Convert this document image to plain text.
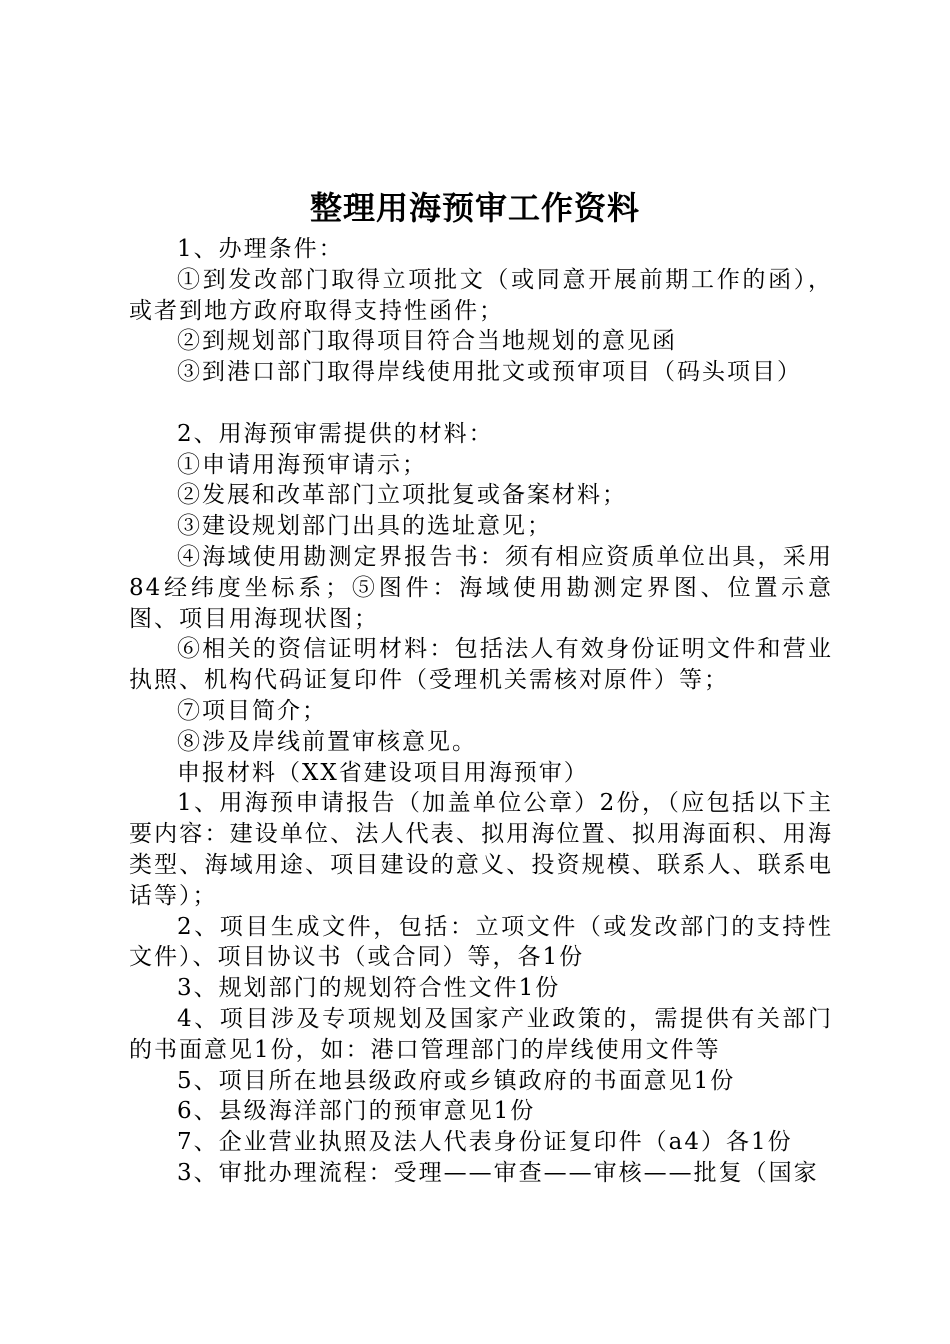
整理用海预审工作资料

1、办理条件：

①到发改部门取得立项批文（或同意开展前期工作的函），或者到地方政府取得支持性函件；

②到规划部门取得项目符合当地规划的意见函

③到港口部门取得岸线使用批文或预审项目（码头项目）

2、用海预审需提供的材料：

①申请用海预审请示；

②发展和改革部门立项批复或备案材料；

③建设规划部门出具的选址意见；

④海域使用勘测定界报告书：须有相应资质单位出具，采用84经纬度坐标系；⑤图件：海域使用勘测定界图、位置示意图、项目用海现状图；

⑥相关的资信证明材料：包括法人有效身份证明文件和营业执照、机构代码证复印件（受理机关需核对原件）等；

⑦项目简介；

⑧涉及岸线前置审核意见。

申报材料（XX省建设项目用海预审）

1、用海预申请报告（加盖单位公章）2份，（应包括以下主要内容：建设单位、法人代表、拟用海位置、拟用海面积、用海类型、海域用途、项目建设的意义、投资规模、联系人、联系电话等）；

2、项目生成文件，包括：立项文件（或发改部门的支持性文件）、项目协议书（或合同）等，各1份

3、规划部门的规划符合性文件1份

4、项目涉及专项规划及国家产业政策的，需提供有关部门的书面意见1份，如：港口管理部门的岸线使用文件等

5、项目所在地县级政府或乡镇政府的书面意见1份

6、县级海洋部门的预审意见1份

7、企业营业执照及法人代表身份证复印件（a4）各1份

3、审批办理流程：受理——审查——审核——批复（国家
